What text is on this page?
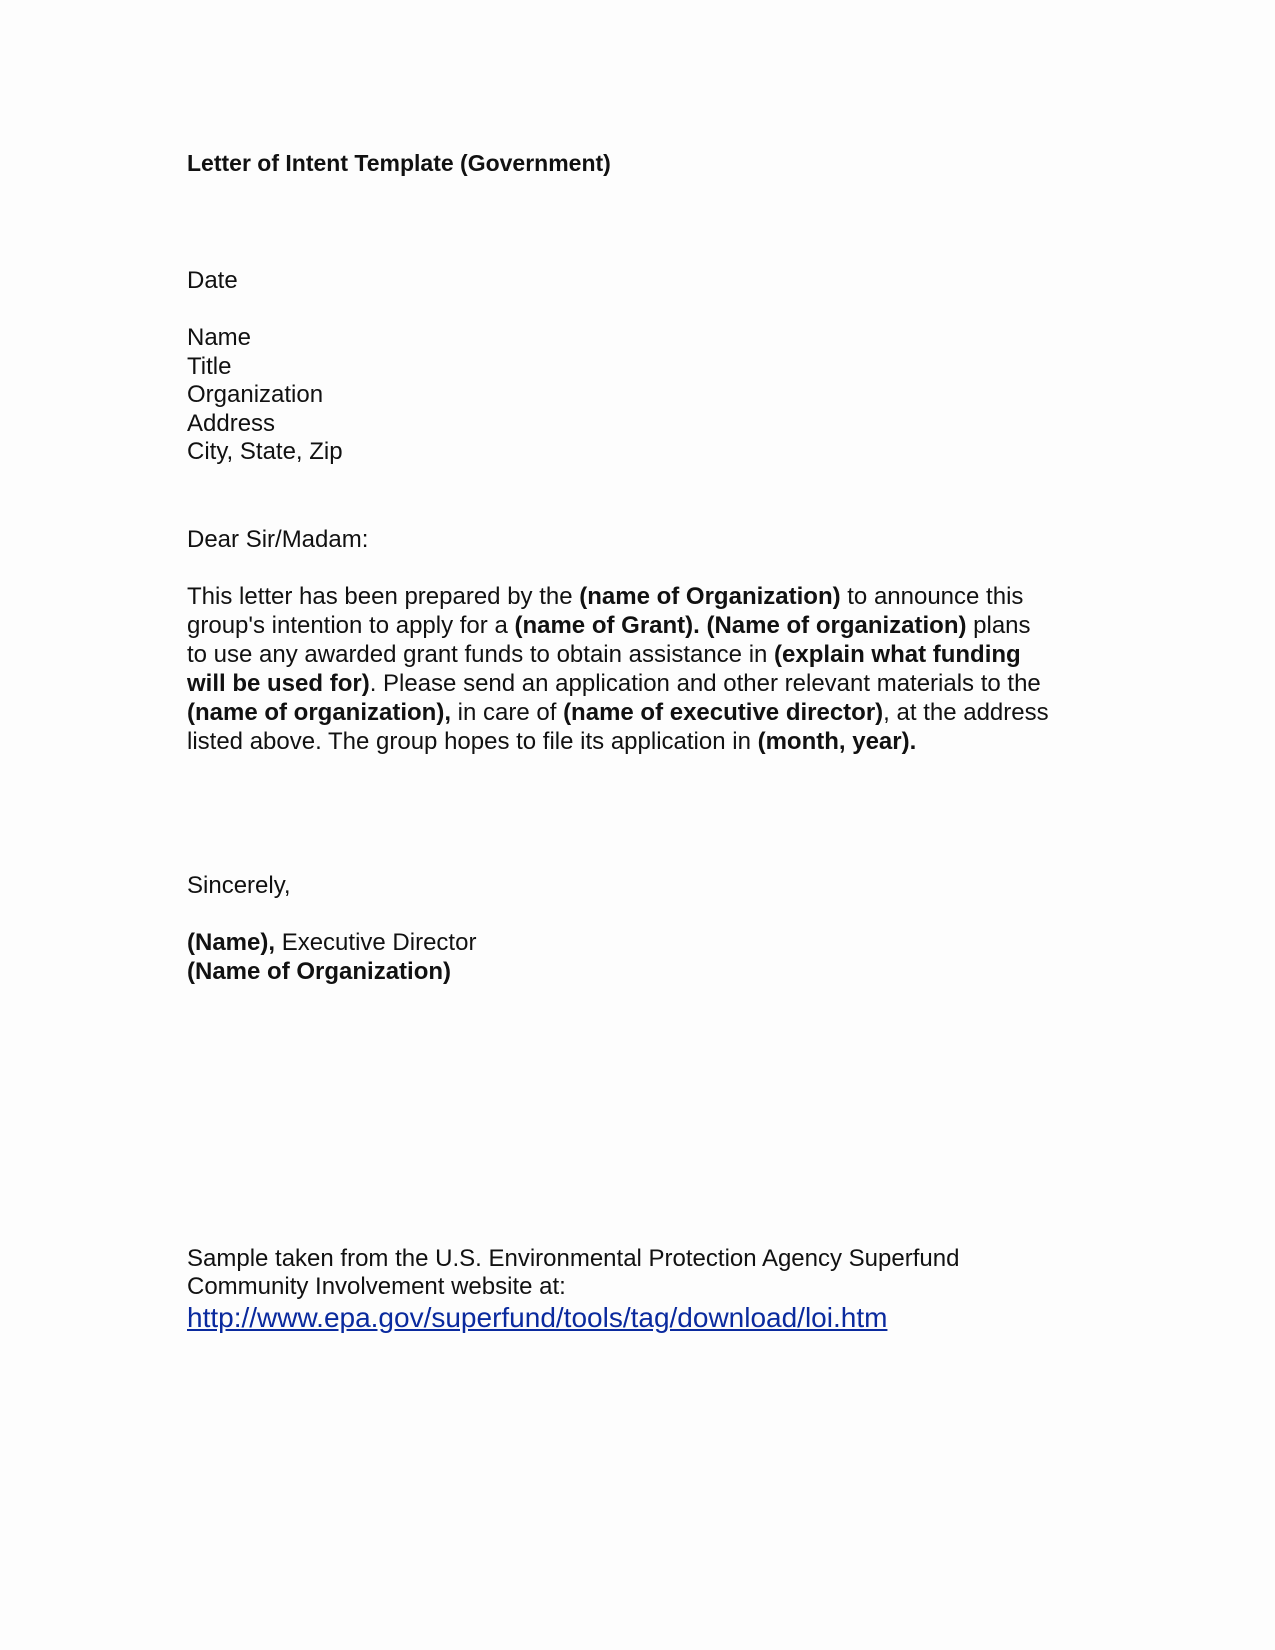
Letter of Intent Template (Government)
Date
Name
Title
Organization
Address
City, State, Zip
Dear Sir/Madam:
This letter has been prepared by the (name of Organization) to announce this
group's intention to apply for a (name of Grant). (Name of organization) plans
to use any awarded grant funds to obtain assistance in (explain what funding
will be used for). Please send an application and other relevant materials to the
(name of organization), in care of (name of executive director), at the address
listed above. The group hopes to file its application in (month, year).
Sincerely,
(Name), Executive Director
(Name of Organization)
Sample taken from the U.S. Environmental Protection Agency Superfund
Community Involvement website at:
http://www.epa.gov/superfund/tools/tag/download/loi.htm
